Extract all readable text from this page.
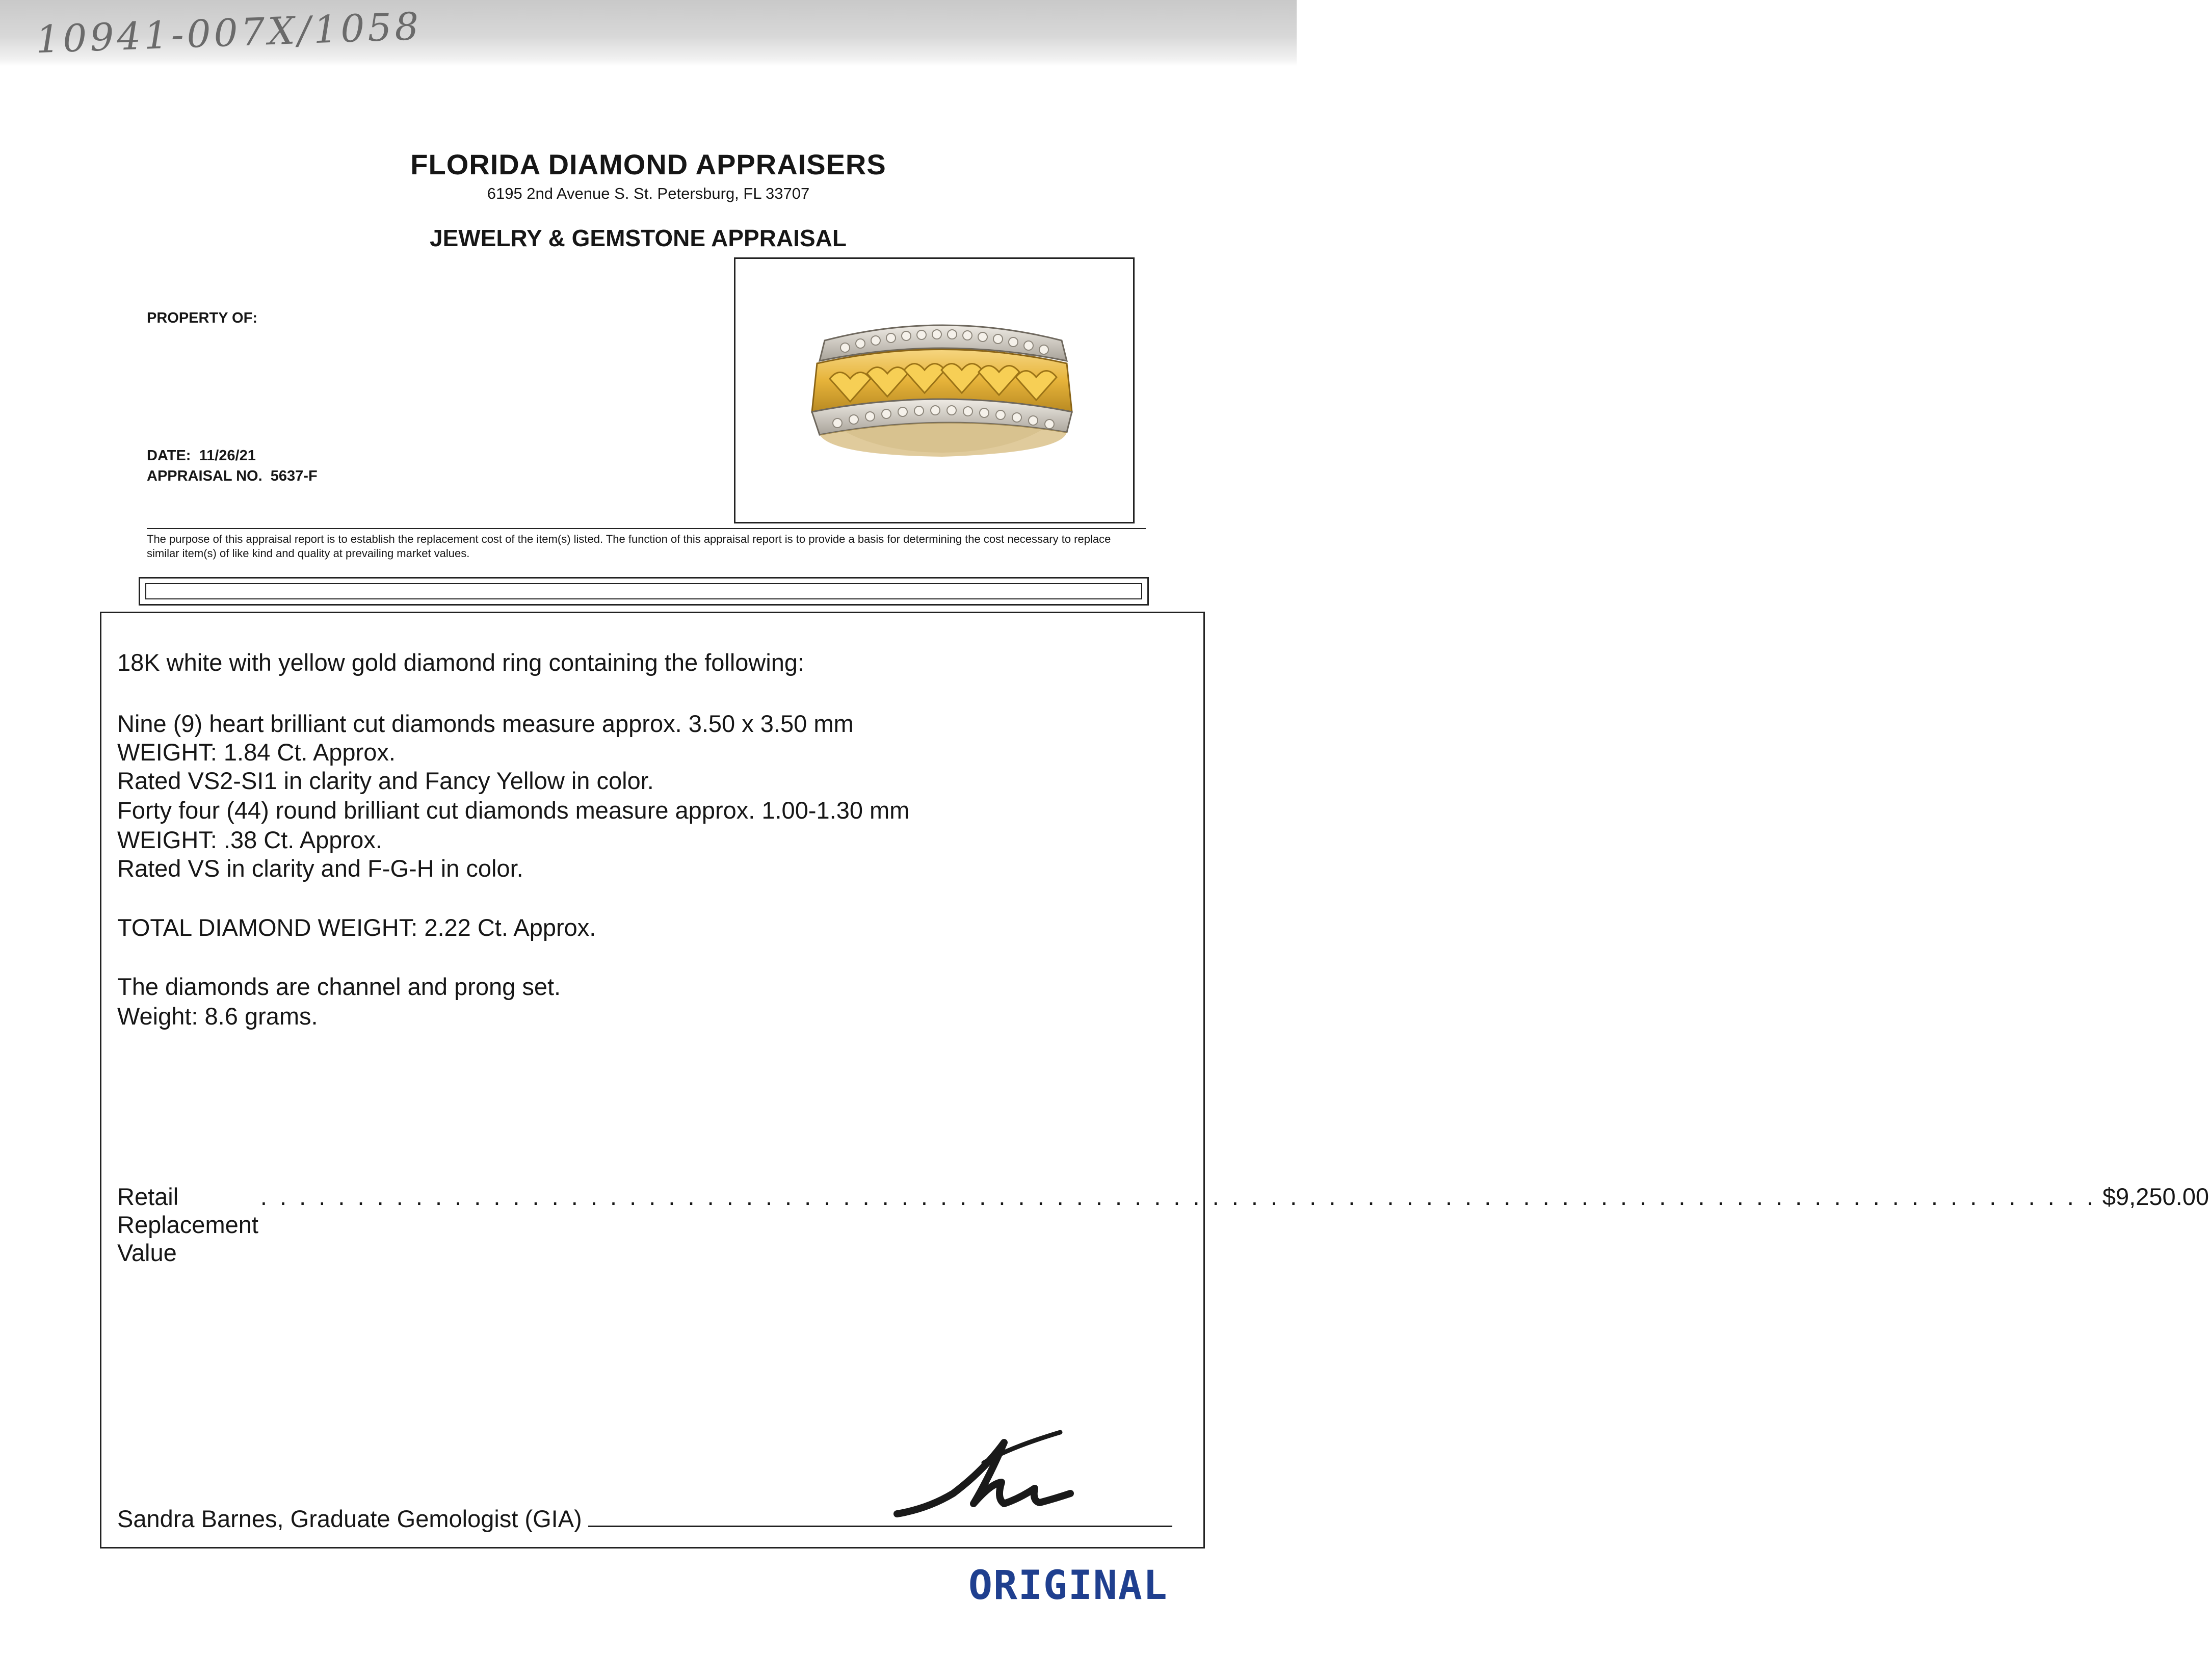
10941-007X/1058
FLORIDA DIAMOND APPRAISERS
6195 2nd Avenue S. St. Petersburg, FL 33707
JEWELRY & GEMSTONE APPRAISAL
PROPERTY OF:
DATE: 11/26/21
APPRAISAL NO. 5637-F
The purpose of this appraisal report is to establish the replacement cost of the item(s) listed. The function of this appraisal report is to provide a basis for determining the cost necessary to replace similar item(s) of like kind and quality at prevailing market values.
18K white with yellow gold diamond ring containing the following:
Nine (9) heart brilliant cut diamonds measure approx. 3.50 x 3.50 mm
WEIGHT: 1.84 Ct. Approx.
Rated VS2-SI1 in clarity and Fancy Yellow in color.
Forty four (44) round brilliant cut diamonds measure approx. 1.00-1.30 mm
WEIGHT: .38 Ct. Approx.
Rated VS in clarity and F-G-H in color.
TOTAL DIAMOND WEIGHT: 2.22 Ct. Approx.
The diamonds are channel and prong set.
Weight: 8.6 grams.
Retail Replacement Value
. . . . . . . . . . . . . . . . . . . . . . . . . . . . . . . . . . . . . . . . . . . . . . . . . . . . . . . . . . . . . . . . . . . . . . . . . . . . . . . . . . . . . . . . . . . . . . . $9,250.00
Sandra Barnes, Graduate Gemologist (GIA)
ORIGINAL
